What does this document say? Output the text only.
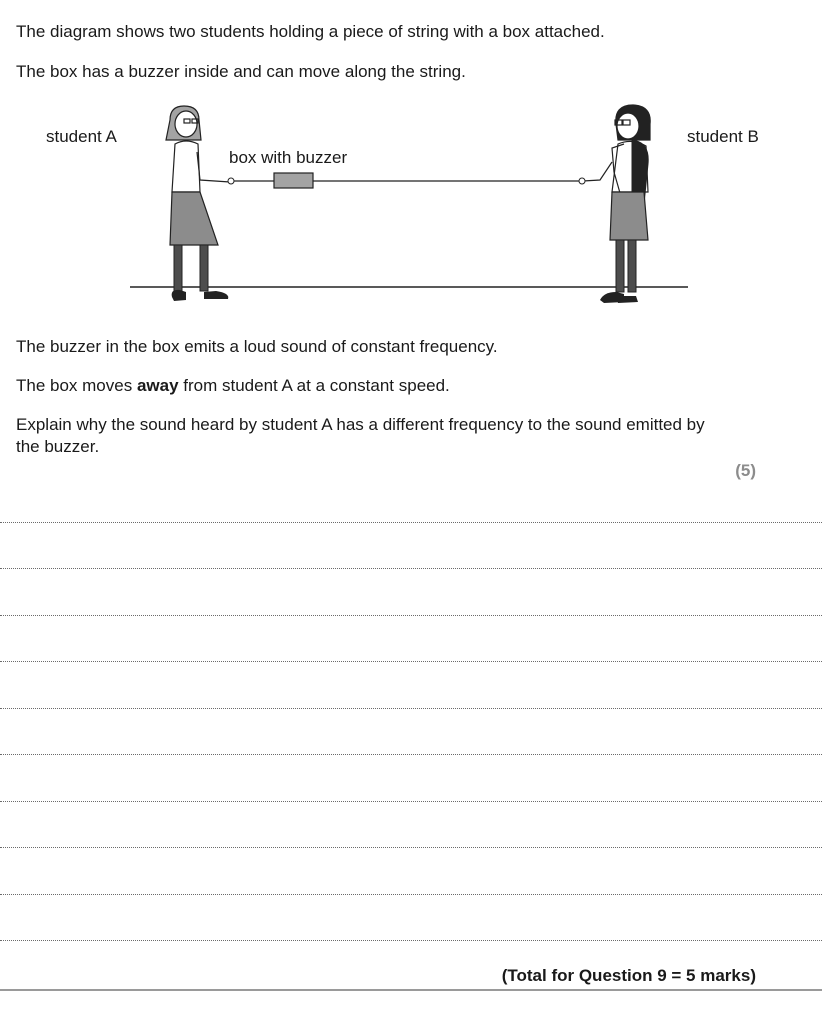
The diagram shows two students holding a piece of string with a box attached.

The box has a buzzer inside and can move along the string.

student A	student B
box with buzzer

The buzzer in the box emits a loud sound of constant frequency.

The box moves away from student A at a constant speed.

Explain why the sound heard by student A has a different frequency to the sound emitted by the buzzer.

(5)
(Total for Question 9 = 5 marks)
